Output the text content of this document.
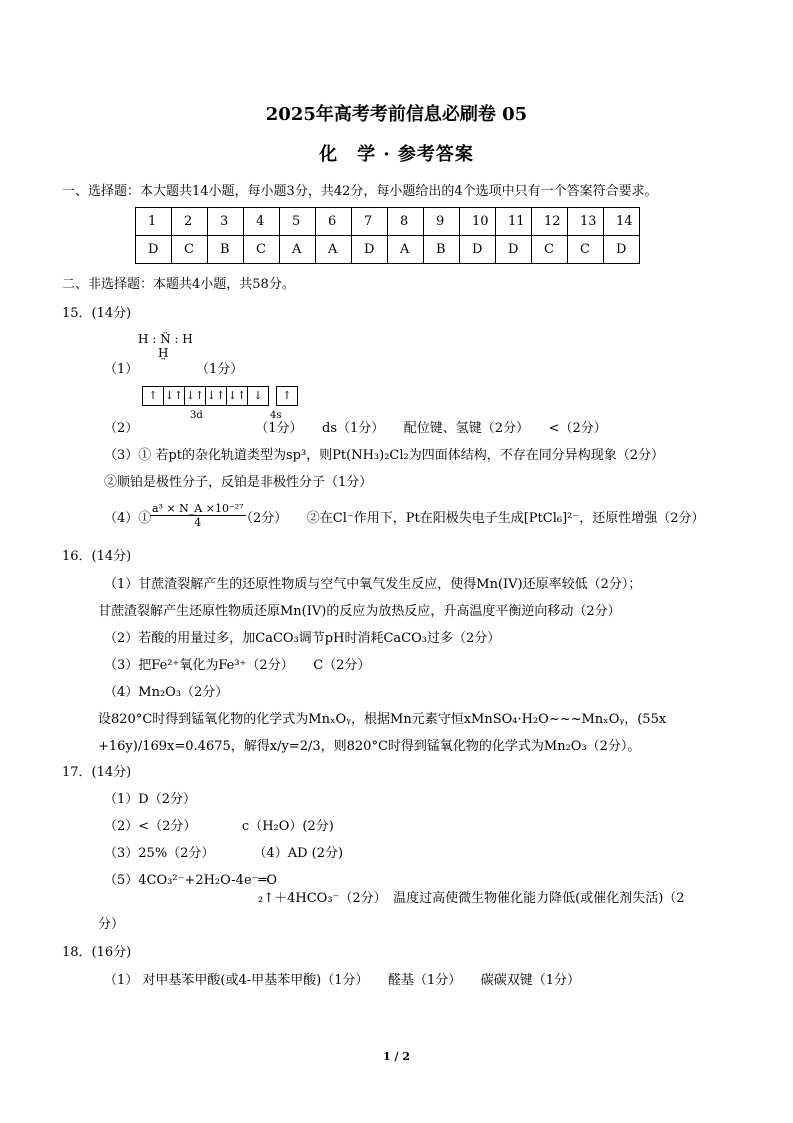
2025年高考考前信息必刷卷 05
化　学 · 参考答案
一、选择题：本大题共14小题，每小题3分，共42分，每小题给出的4个选项中只有一个答案符合要求。
1	2	3	4	5	6	7	8	9	10	11	12	13	14
D	C	B	C	A	A	D	A	B	D	D	C	C	D
二、非选择题：本题共4小题，共58分。
15．(14分)
H : N̈ : H
H̤
（1）	（1分）
↑ ↓↑ ↓↑ ↓↑ ↓↑ ↓	↑
3d	4s
（2）　　　　　　　　　　（1分）　　ds（1分）　　配位键、氢键（2分）　　<（2分）
（3）① 若pt的杂化轨道类型为sp³，则Pt(NH₃)₂Cl₂为四面体结构，不存在同分异构现象（2分）
②顺铂是极性分子，反铂是非极性分子（1分）
（4）①
$\frac{\text{a³ × N\_A ×10⁻²⁷}}{4}$
（2分）　　②在Cl⁻作用下，Pt在阳极失电子生成[PtCl₆]²⁻，还原性增强（2分）
16．(14分)
（1）甘蔗渣裂解产生的还原性物质与空气中氧气发生反应，使得Mn(IV)还原率较低（2分）；
甘蔗渣裂解产生还原性物质还原Mn(IV)的反应为放热反应，升高温度平衡逆向移动（2分）
（2）若酸的用量过多，加CaCO₃调节pH时消耗CaCO₃过多（2分）
（3）把Fe²⁺氧化为Fe³⁺（2分）　　C（2分）
（4）Mn₂O₃（2分）
设820°C时得到锰氧化物的化学式为MnₓOᵧ，根据Mn元素守恒xMnSO₄·H₂O~~~MnₓOᵧ，(55x
+16y)/169x=0.4675，解得x/y=2/3，则820°C时得到锰氧化物的化学式为Mn₂O₃（2分）。
17．(14分)
（1）D（2分）
（2）<（2分）　　　　c（H₂O）(2分)
（3）25%（2分）　　　　（4）AD (2分)
（5）4CO₃²⁻+2H₂O-4e⁻═O
₂↑＋4HCO₃⁻（2分）　温度过高使微生物催化能力降低(或催化剂失活)（2
分）
18．(16分)
（1） 对甲基苯甲酸(或4-甲基苯甲酸)（1分）　　醛基（1分）　　碳碳双键（1分）
1 / 2
